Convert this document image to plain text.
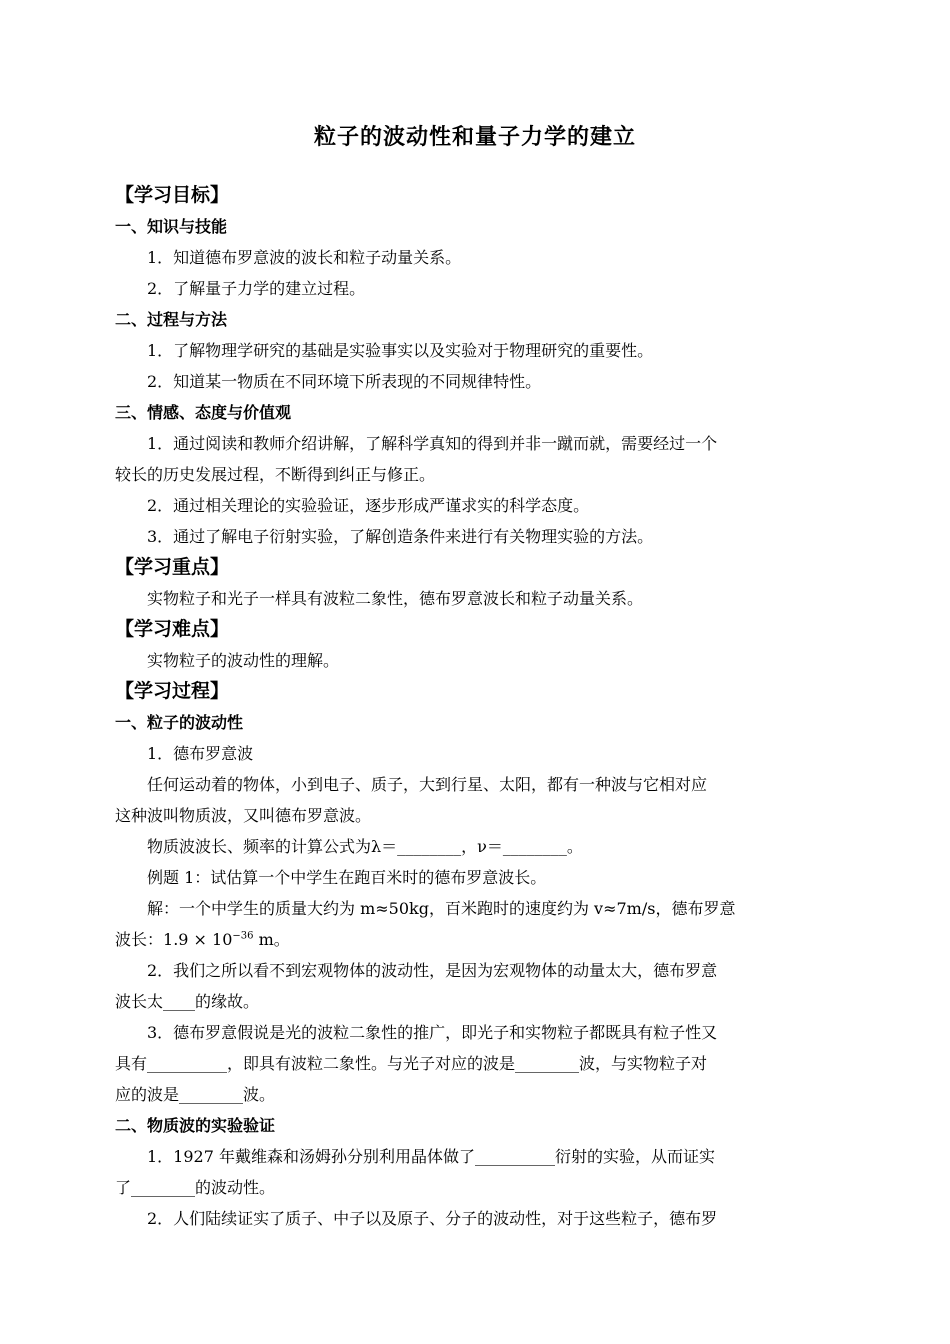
粒子的波动性和量子力学的建立
【学习目标】
一、知识与技能
1．知道德布罗意波的波长和粒子动量关系。
2．了解量子力学的建立过程。
二、过程与方法
1．了解物理学研究的基础是实验事实以及实验对于物理研究的重要性。
2．知道某一物质在不同环境下所表现的不同规律特性。
三、情感、态度与价值观
1．通过阅读和教师介绍讲解，了解科学真知的得到并非一蹴而就，需要经过一个
较长的历史发展过程，不断得到纠正与修正。
2．通过相关理论的实验验证，逐步形成严谨求实的科学态度。
3．通过了解电子衍射实验，了解创造条件来进行有关物理实验的方法。
【学习重点】
实物粒子和光子一样具有波粒二象性，德布罗意波长和粒子动量关系。
【学习难点】
实物粒子的波动性的理解。
【学习过程】
一、粒子的波动性
1．德布罗意波
任何运动着的物体，小到电子、质子，大到行星、太阳，都有一种波与它相对应
这种波叫物质波，又叫德布罗意波。
物质波波长、频率的计算公式为λ＝________，ν＝________。
例题 1：试估算一个中学生在跑百米时的德布罗意波长。
解：一个中学生的质量大约为 m≈50kg，百米跑时的速度约为 v≈7m/s，德布罗意
波长：$1.9 \times 10^{-36}$ m。
2．我们之所以看不到宏观物体的波动性，是因为宏观物体的动量太大，德布罗意
波长太____的缘故。
3．德布罗意假说是光的波粒二象性的推广，即光子和实物粒子都既具有粒子性又
具有__________，即具有波粒二象性。与光子对应的波是________波，与实物粒子对
应的波是________波。
二、物质波的实验验证
1．1927 年戴维森和汤姆孙分别利用晶体做了__________衍射的实验，从而证实
了________的波动性。
2．人们陆续证实了质子、中子以及原子、分子的波动性，对于这些粒子，德布罗
